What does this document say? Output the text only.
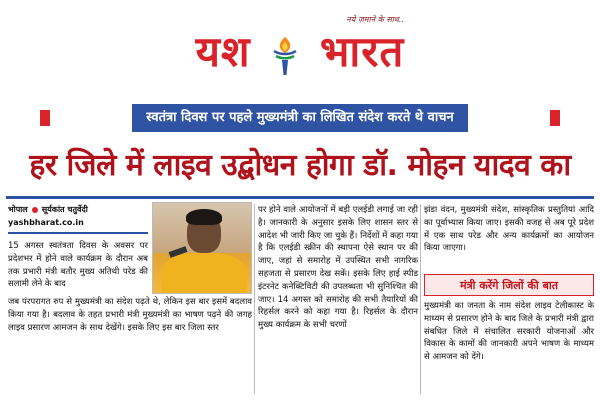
नये ज़माने के साथ..
यश भारत
स्वतंत्रा दिवस पर पहले मुख्यमंत्री का लिखित संदेश करते थे वाचन
हर जिले में लाइव उद्बोधन होगा डॉ. मोहन यादव का
भोपाल सूर्यकांत चतुर्वेदी
yashbharat.co.in

15 अगस्त स्वतंत्रता दिवस के अवसर पर प्रदेशभर में होने वाले कार्यक्रम के दौरान अब तक प्रभारी मंत्री बतौर मुख्य अतिथी परेड की सलामी लेने के बाद

जब पंरपरागत रुप से मुख्यमंत्री का संदेश पढ़ते थे, लेकिन इस बार इसमें बदलाव किया गया है। बदलाव के तहत प्रभारी मंत्री मुख्यमंत्री का भाषण पढ़ने की जगह लाइव प्रसारण आमजन के साथ देखेंगे। इसके लिए इस बार जिला स्तर

पर होने वाले आयोजनों में बड़ी एलईडी लगाई जा रही है। जानकारी के अनुसार इसके लिए शासन स्तर से आदेश भी जारी किए जा चुके हैं। निर्देशों में कहा गया है कि एलईडी स्क्रीन की स्थापना ऐसे स्थान पर की जाए, जहां से समारोह में उपस्थित सभी नागरिक सहजता से प्रसारण देख सकें। इसके लिए हाई स्पीड इंटरनेट कनेक्टिविटी की उपलब्धता भी सुनिश्चित की जाए। 14 अगस्त को समारोह की सभी तैयारियों की रिहर्सल करने को कहा गया है। रिहर्सल के दौरान मुख्य कार्यक्रम के सभी चरणों

झंडा वंदन, मुख्यमंत्री संदेश, सांस्कृतिक प्रस्तुतियां आदि का पूर्वाभ्यास किया जाए। इसकी वजह से अब पूरे प्रदेश में एक साथ परेड और अन्य कार्यक्रमों का आयोजन किया जाएगा।

मंत्री करेंगे जिलों की बात

मुख्यमंत्री का जनता के नाम संदेश लाइव टेलीकास्ट के माध्यम से प्रसारण होने के बाद जिले के प्रभारी मंत्री द्वारा संबधित जिले में संचालित सरकारी योजनाओं और विकास के कामों की जानकारी अपने भाषण के माध्यम से आमजन को देंगे।
